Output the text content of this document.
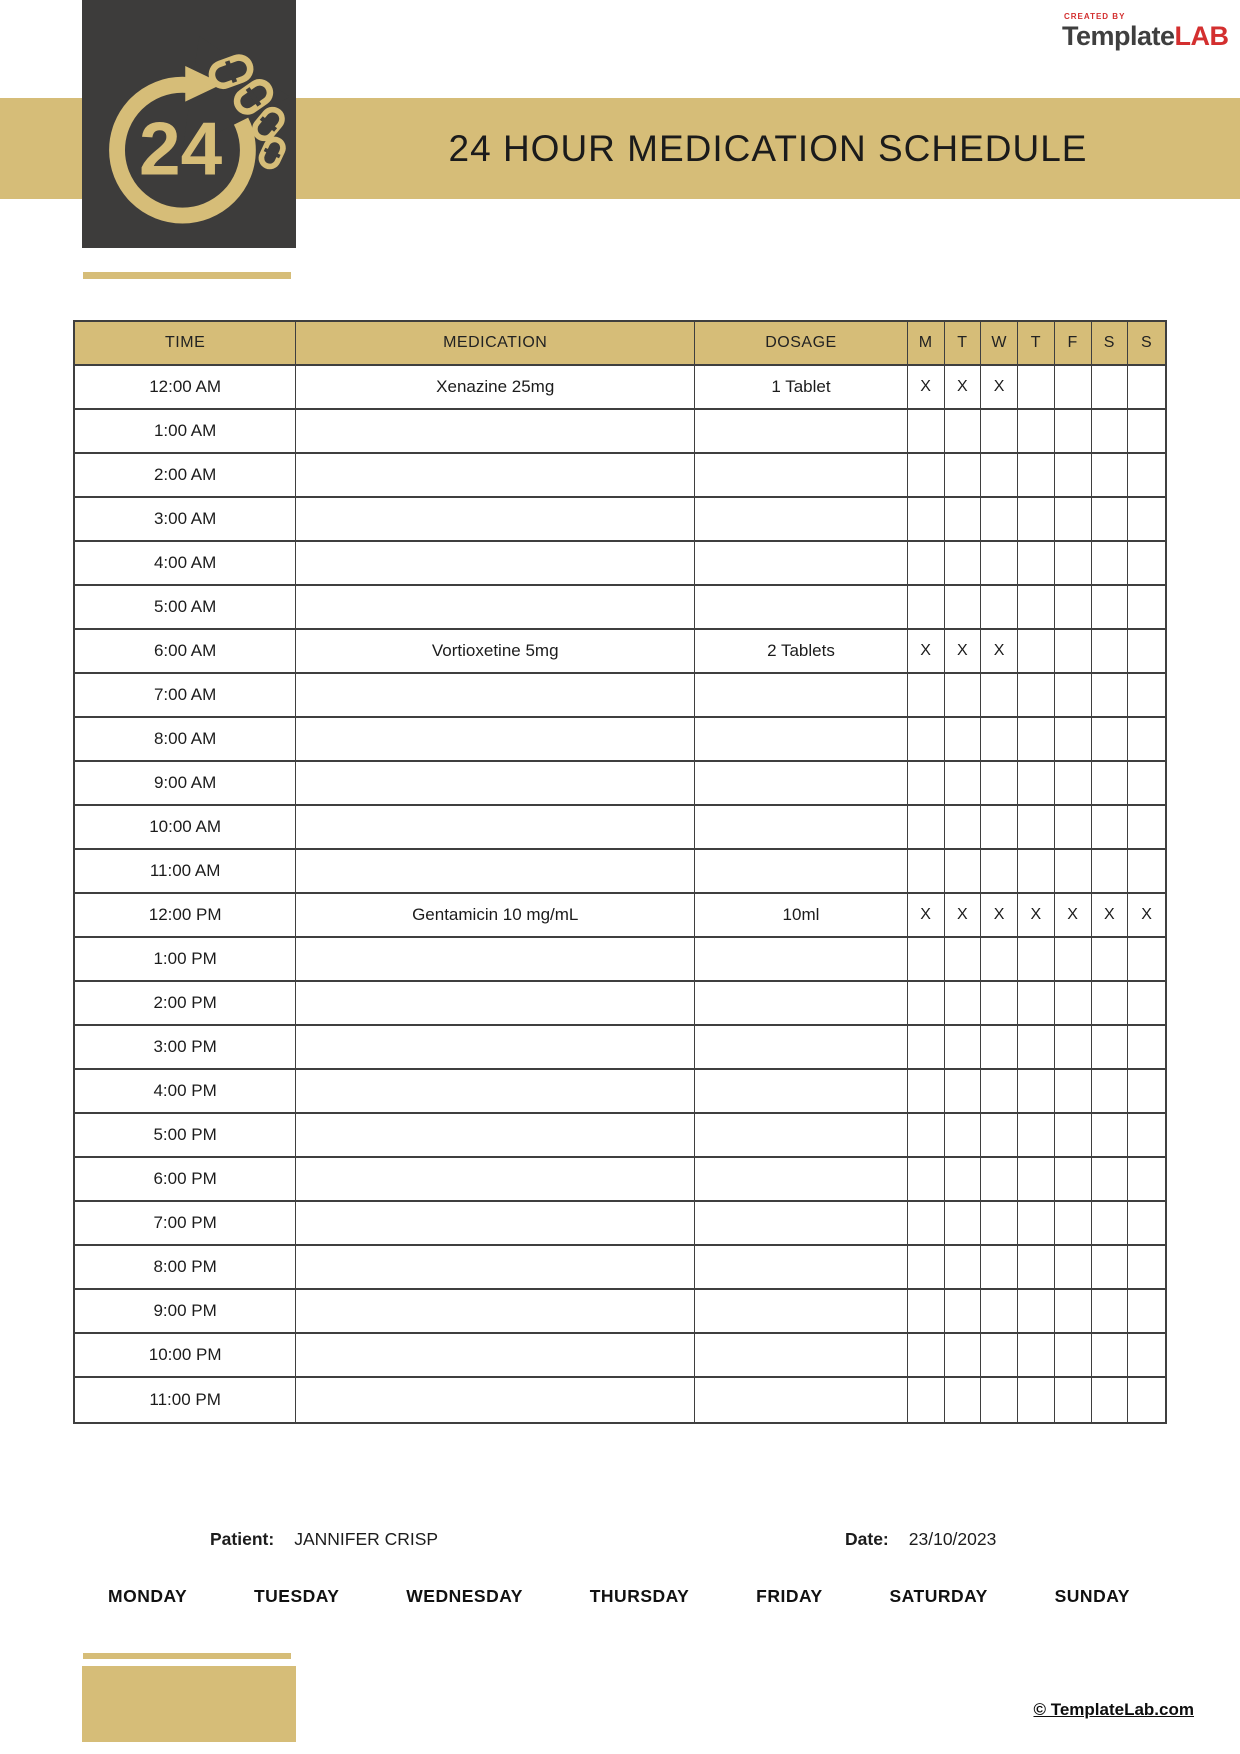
24 HOUR MEDICATION SCHEDULE
24
CREATED BY
TemplateLAB
TIME	MEDICATION	DOSAGE	M	T	W	T	F	S	S
12:00 AM	Xenazine 25mg	1 Tablet	X	X	X
1:00 AM
2:00 AM
3:00 AM
4:00 AM
5:00 AM
6:00 AM	Vortioxetine 5mg	2 Tablets	X	X	X
7:00 AM
8:00 AM
9:00 AM
10:00 AM
11:00 AM
12:00 PM	Gentamicin 10 mg/mL	10ml	X	X	X	X	X	X	X
1:00 PM
2:00 PM
3:00 PM
4:00 PM
5:00 PM
6:00 PM
7:00 PM
8:00 PM
9:00 PM
10:00 PM
11:00 PM
Patient: JANNIFER CRISP	Date: 23/10/2023
MONDAY	TUESDAY	WEDNESDAY	THURSDAY	FRIDAY	SATURDAY	SUNDAY
© TemplateLab.com
